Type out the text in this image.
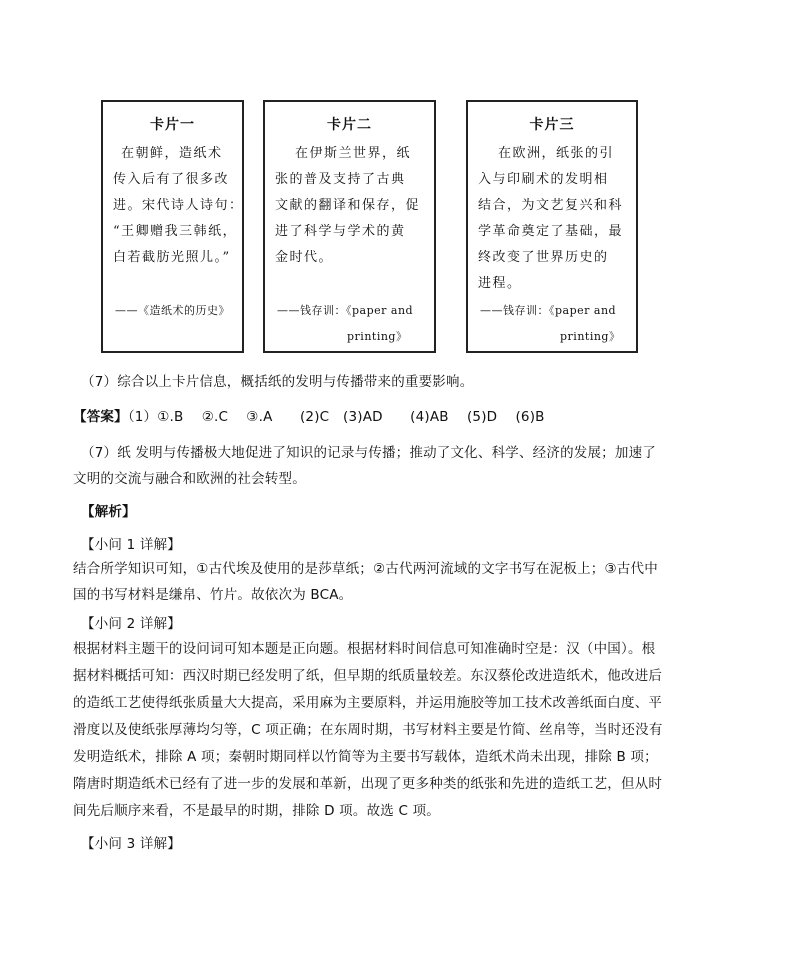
卡片一
在朝鲜，造纸术
传入后有了很多改
进。宋代诗人诗句：
“王卿赠我三韩纸，
白若截肪光照儿。”
——《造纸术的历史》
卡片二
在伊斯兰世界，纸
张的普及支持了古典
文献的翻译和保存，促
进了科学与学术的黄
金时代。
——钱存训：《paper and
printing》
卡片三
在欧洲，纸张的引
入与印刷术的发明相
结合，为文艺复兴和科
学革命奠定了基础，最
终改变了世界历史的
进程。
——钱存训：《paper and
printing》
（7）综合以上卡片信息，概括纸的发明与传播带来的重要影响。
【答案】（1）①.B　 ②.C　 ③.A　　(2)C　(3)AD　　(4)AB　 (5)D　 (6)B
（7）纸 发明与传播极大地促进了知识的记录与传播；推动了文化、科学、经济的发展；加速了
文明的交流与融合和欧洲的社会转型。
【解析】
【小问 1 详解】
结合所学知识可知，①古代埃及使用的是莎草纸；②古代两河流域的文字书写在泥板上；③古代中
国的书写材料是缣帛、竹片。故依次为 BCA。
【小问 2 详解】
根据材料主题干的设问词可知本题是正向题。根据材料时间信息可知准确时空是：汉（中国）。根
据材料概括可知：西汉时期已经发明了纸，但早期的纸质量较差。东汉蔡伦改进造纸术，他改进后
的造纸工艺使得纸张质量大大提高，采用麻为主要原料，并运用施胶等加工技术改善纸面白度、平
滑度以及使纸张厚薄均匀等，C 项正确；在东周时期，书写材料主要是竹简、丝帛等，当时还没有
发明造纸术，排除 A 项；秦朝时期同样以竹简等为主要书写载体，造纸术尚未出现，排除 B 项；
隋唐时期造纸术已经有了进一步的发展和革新，出现了更多种类的纸张和先进的造纸工艺，但从时
间先后顺序来看，不是最早的时期，排除 D 项。故选 C 项。
【小问 3 详解】
